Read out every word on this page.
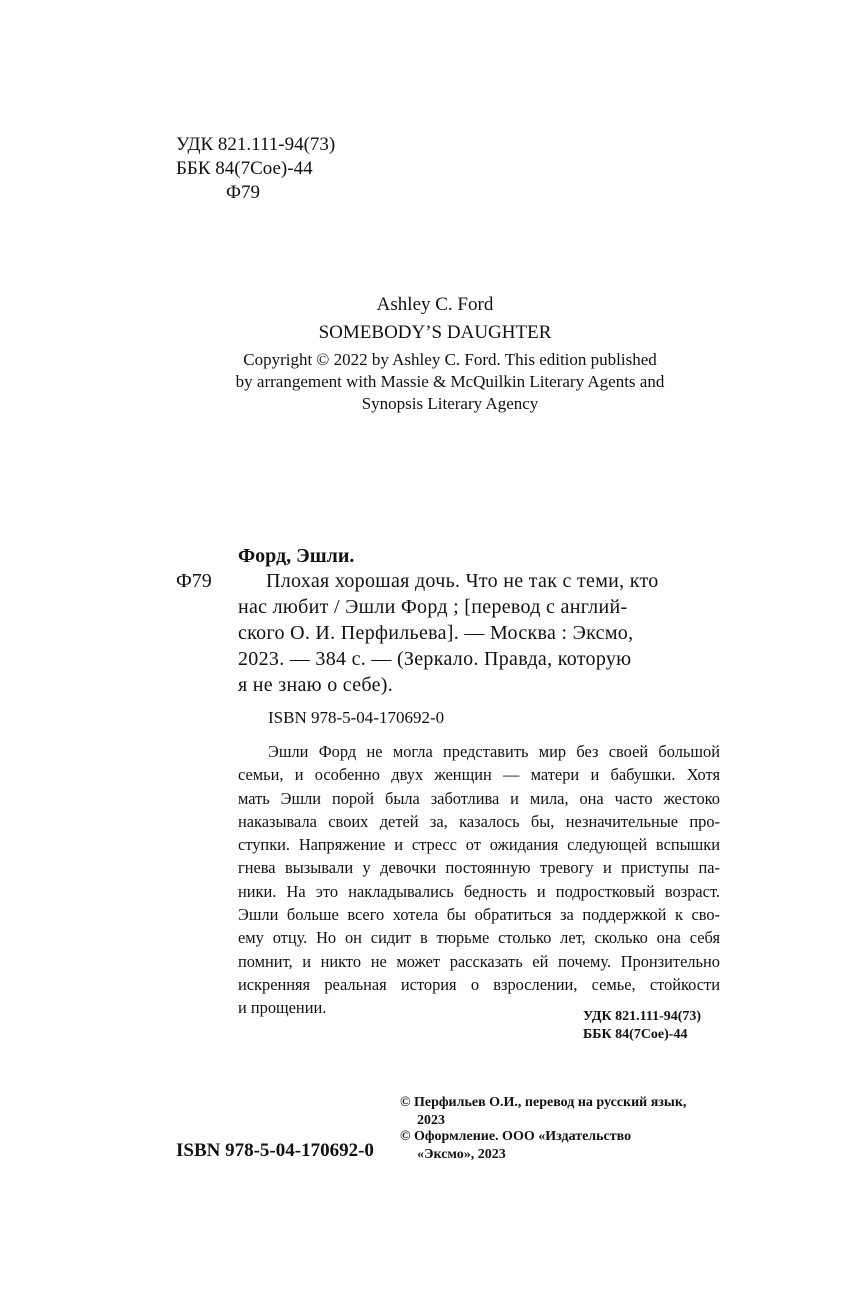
УДК 821.111-94(73)
ББК 84(7Сое)-44
Ф79
Ashley C. Ford
SOMEBODY’S DAUGHTER
Copyright © 2022 by Ashley C. Ford. This edition published
by arrangement with Massie & McQuilkin Literary Agents and
Synopsis Literary Agency
Форд, Эшли.
Ф79	Плохая хорошая дочь. Что не так с теми, кто
нас любит / Эшли Форд ; [перевод с англий-
ского О. И. Перфильева]. — Москва : Эксмо,
2023. — 384 с. — (Зеркало. Правда, которую
я не знаю о себе).
ISBN 978-5-04-170692-0
Эшли Форд не могла представить мир без своей большой
семьи, и особенно двух женщин — матери и бабушки. Хотя
мать Эшли порой была заботлива и мила, она часто жестоко
наказывала своих детей за, казалось бы, незначительные про-
ступки. Напряжение и стресс от ожидания следующей вспышки
гнева вызывали у девочки постоянную тревогу и приступы па-
ники. На это накладывались бедность и подростковый возраст.
Эшли больше всего хотела бы обратиться за поддержкой к сво-
ему отцу. Но он сидит в тюрьме столько лет, сколько она себя
помнит, и никто не может рассказать ей почему. Пронзительно
искренняя реальная история о взрослении, семье, стойкости
и прощении.	УДК 821.111-94(73)
ББК 84(7Сое)-44
© Перфильев О.И., перевод на русский язык,
2023
© Оформление. ООО «Издательство
«Эксмо», 2023
ISBN 978-5-04-170692-0
